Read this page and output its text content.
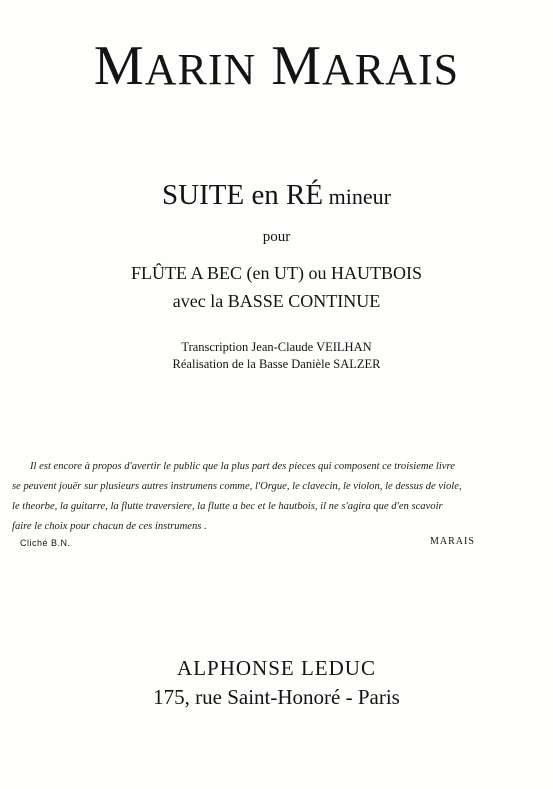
MARIN MARAIS
SUITE en RÉ mineur
pour
FLÛTE A BEC (en UT) ou HAUTBOIS
avec la BASSE CONTINUE
Transcription Jean-Claude VEILHAN
Réalisation de la Basse Danièle SALZER
Il est encore à propos d'avertir le public que la plus part des pieces qui composent ce troisieme livre
se peuvent jouër sur plusieurs autres instrumens comme, l'Orgue, le clavecin, le violon, le dessus de viole,
le theorbe, la guitarre, la flutte traversiere, la flutte a bec et le hautbois, il ne s'agira que d'en scavoir
faire le choix pour chacun de ces instrumens .
Cliché B.N.	MARAIS
ALPHONSE LEDUC
175, rue Saint-Honoré - Paris
